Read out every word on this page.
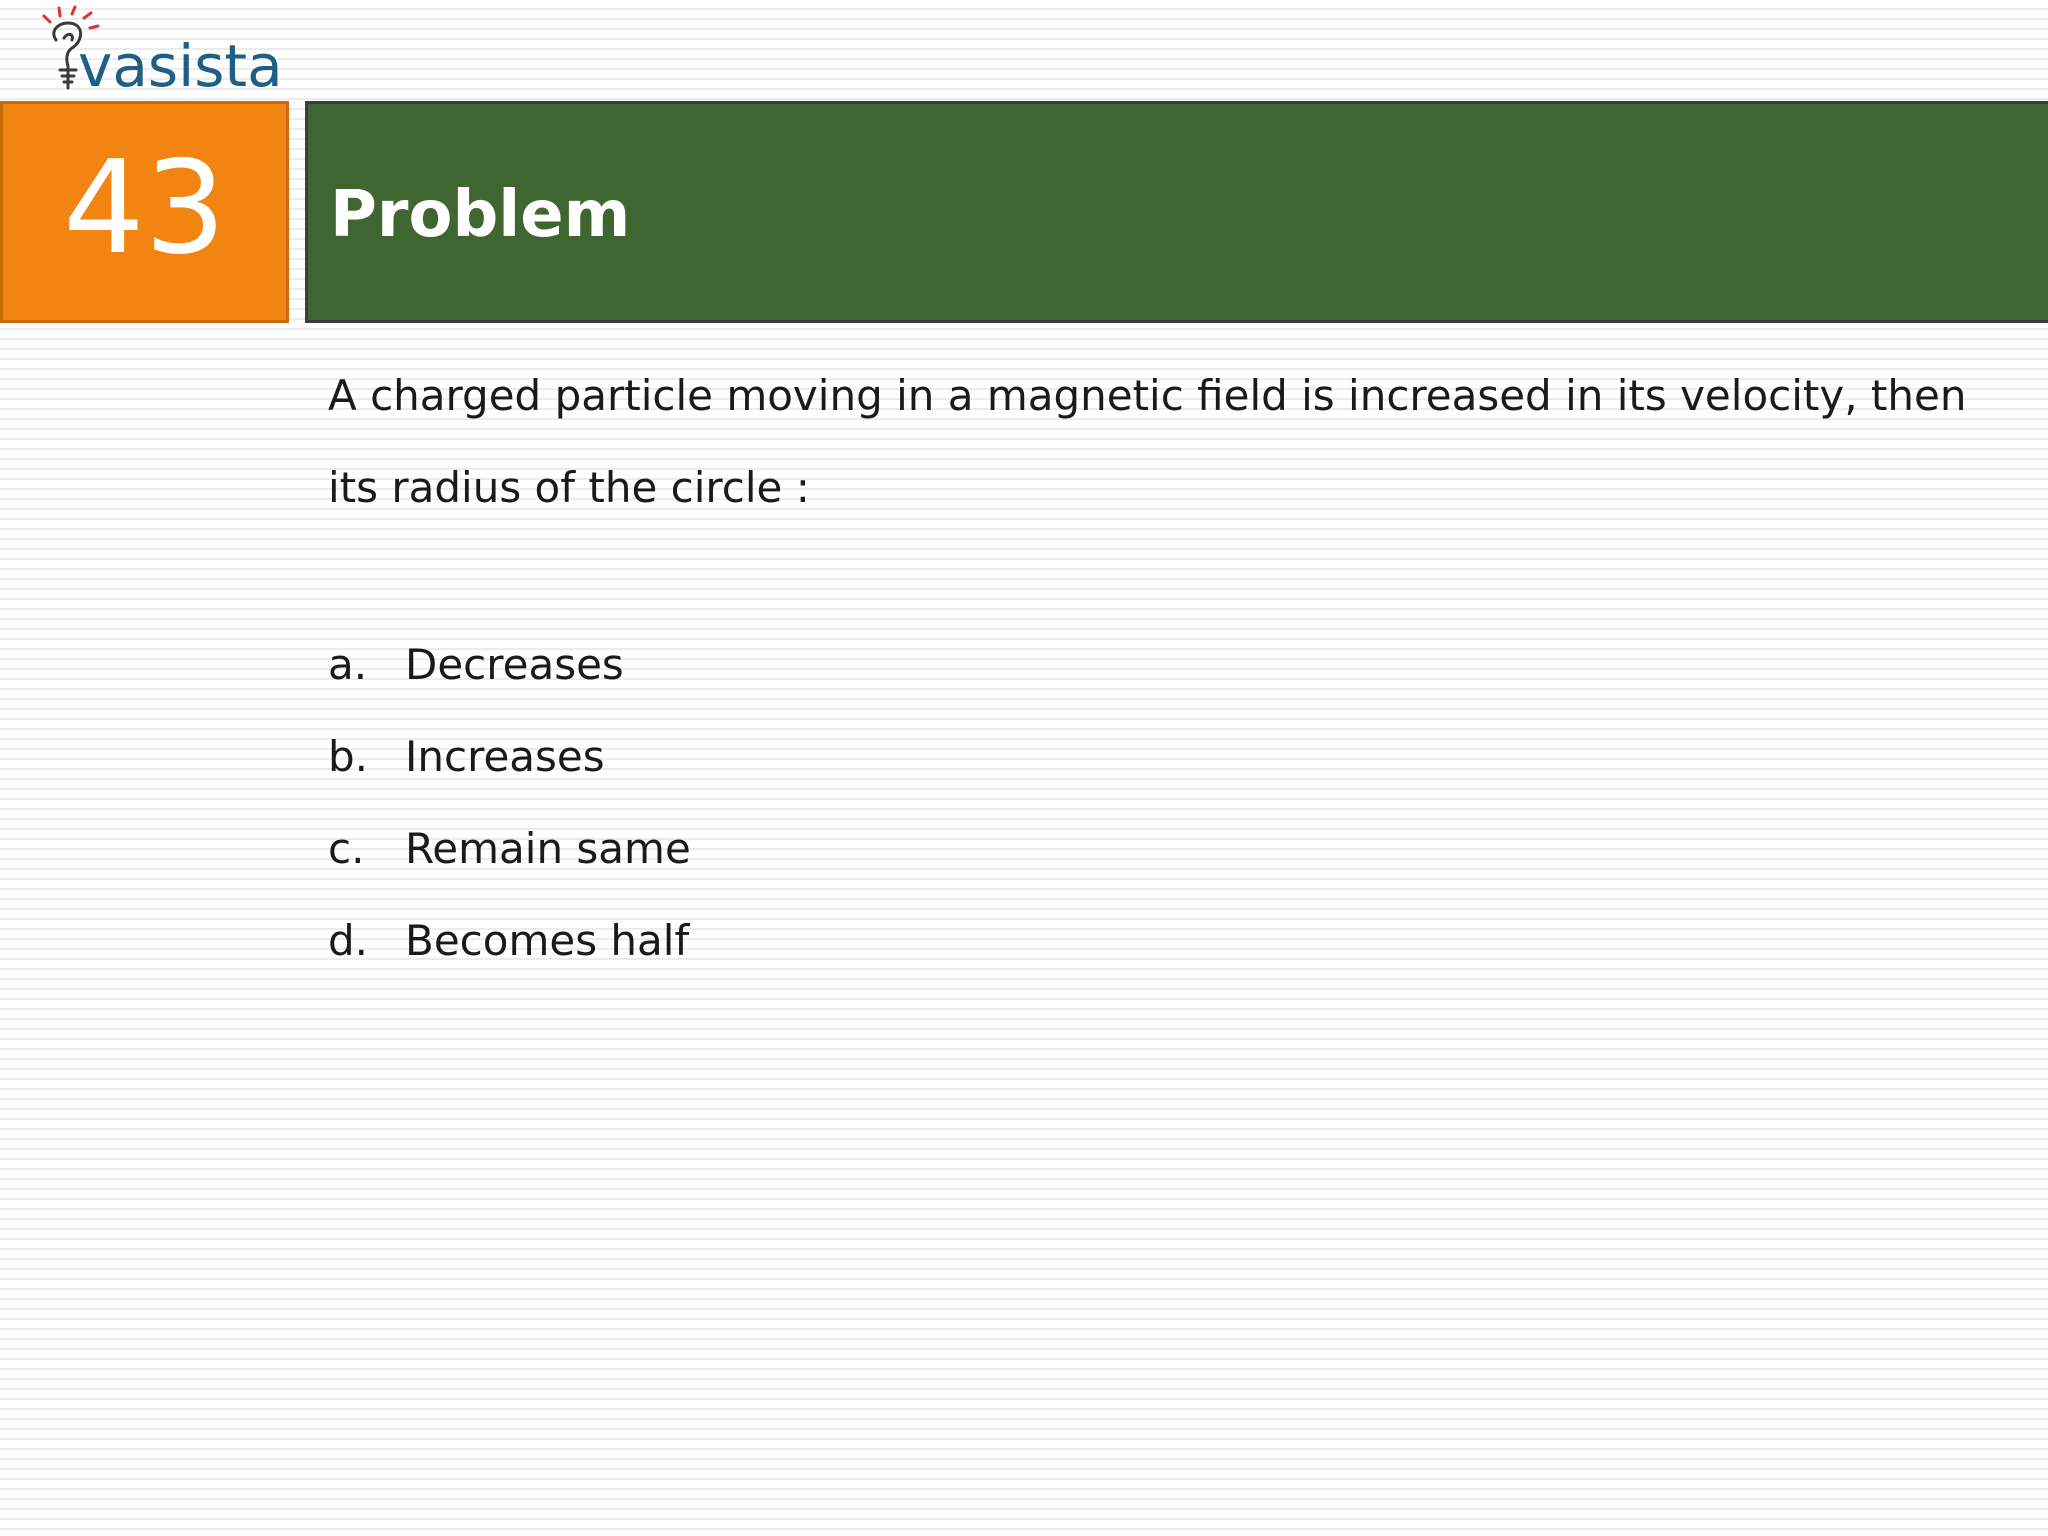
vasista
43 Problem

A charged particle moving in a magnetic field is increased in its velocity, then its radius of the circle :

a. Decreases
b. Increases
c. Remain same
d. Becomes half
